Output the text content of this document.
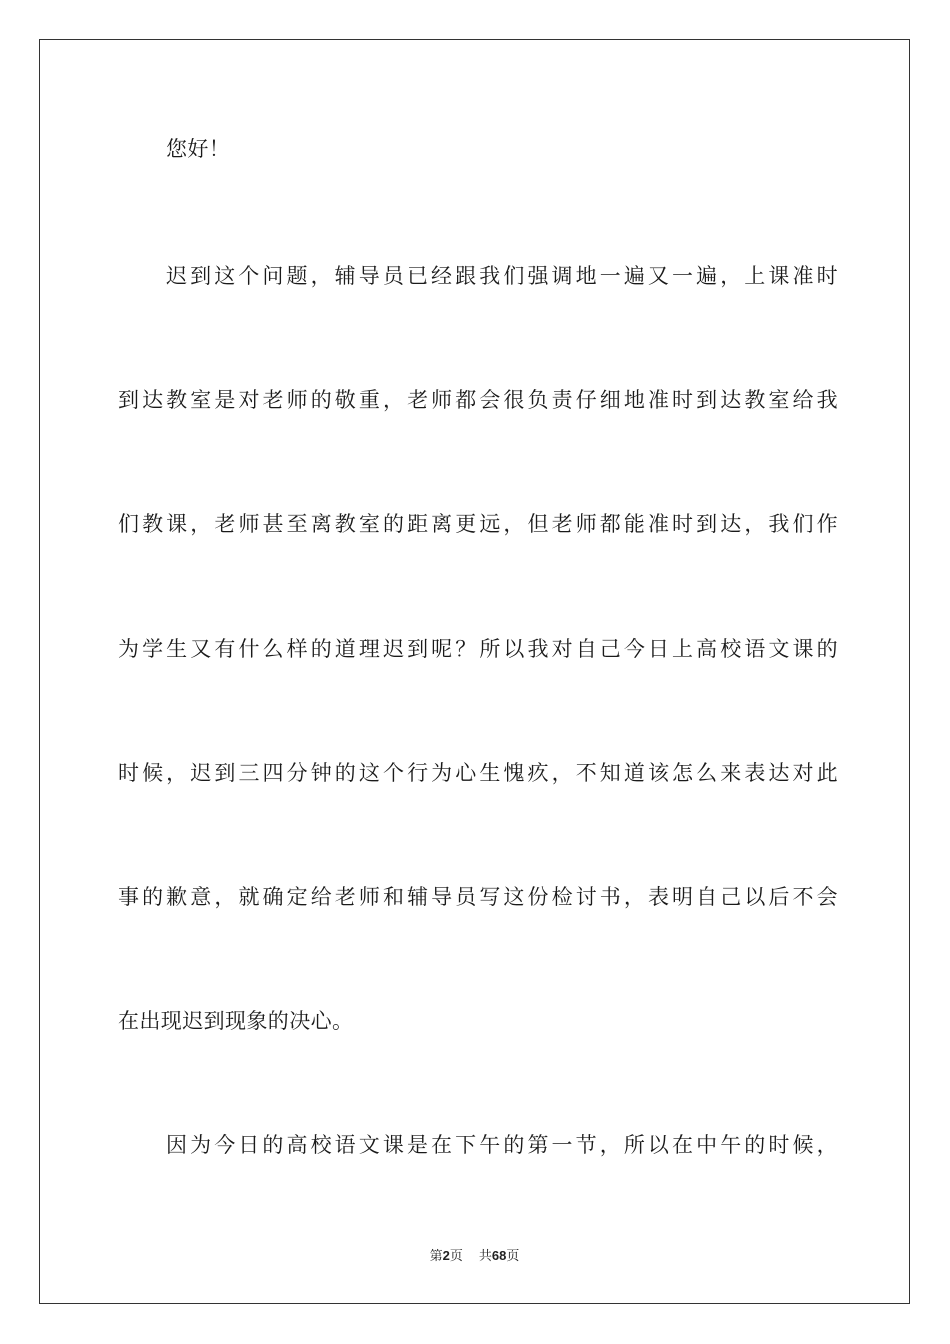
您好！
迟到这个问题，辅导员已经跟我们强调地一遍又一遍，上课准时
到达教室是对老师的敬重，老师都会很负责仔细地准时到达教室给我
们教课，老师甚至离教室的距离更远，但老师都能准时到达，我们作
为学生又有什么样的道理迟到呢？所以我对自己今日上高校语文课的
时候，迟到三四分钟的这个行为心生愧疚，不知道该怎么来表达对此
事的歉意，就确定给老师和辅导员写这份检讨书，表明自己以后不会
在出现迟到现象的决心。
因为今日的高校语文课是在下午的第一节，所以在中午的时候，
第2页 共68页
